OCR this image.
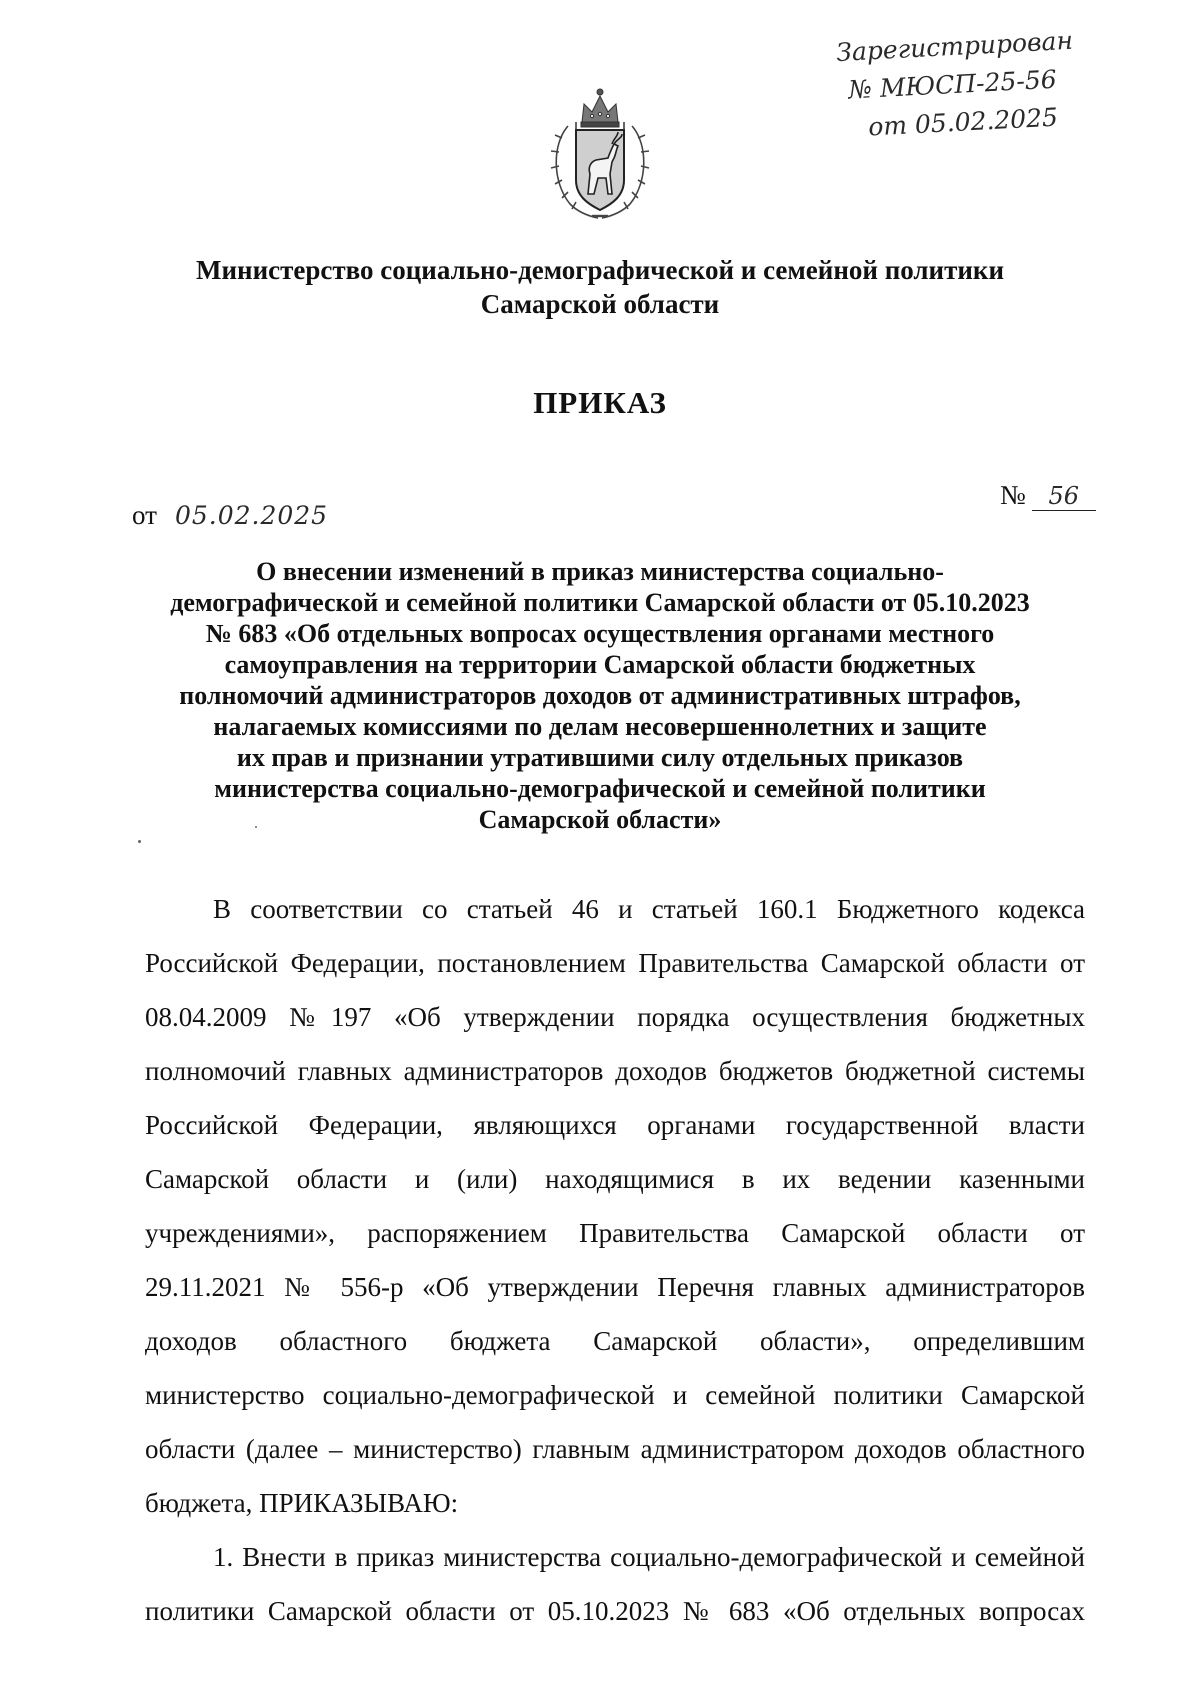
Зарегистрирован
№ МЮСП-25-56
от 05.02.2025
Министерство социально-демографической и семейной политики
Самарской области
ПРИКАЗ
от 05.02.2025
№ 56
О внесении изменений в приказ министерства социально-
демографической и семейной политики Самарской области от 05.10.2023
№ 683 «Об отдельных вопросах осуществления органами местного
самоуправления на территории Самарской области бюджетных
полномочий администраторов доходов от административных штрафов,
налагаемых комиссиями по делам несовершеннолетних и защите
их прав и признании утратившими силу отдельных приказов
министерства социально-демографической и семейной политики
Самарской области»
В соответствии со статьей 46 и статьей 160.1 Бюджетного кодекса
Российской Федерации, постановлением Правительства Самарской области от
08.04.2009 №197 «Об утверждении порядка осуществления бюджетных
полномочий главных администраторов доходов бюджетов бюджетной системы
Российской Федерации, являющихся органами государственной власти
Самарской области и (или) находящимися в их ведении казенными
учреждениями», распоряжением Правительства Самарской области от
29.11.2021 № 556-р «Об утверждении Перечня главных администраторов
доходов областного бюджета Самарской области», определившим
министерство социально-демографической и семейной политики Самарской
области (далее – министерство) главным администратором доходов областного
бюджета, ПРИКАЗЫВАЮ:
1. Внести в приказ министерства социально-демографической и семейной
политики Самарской области от 05.10.2023 № 683 «Об отдельных вопросах
